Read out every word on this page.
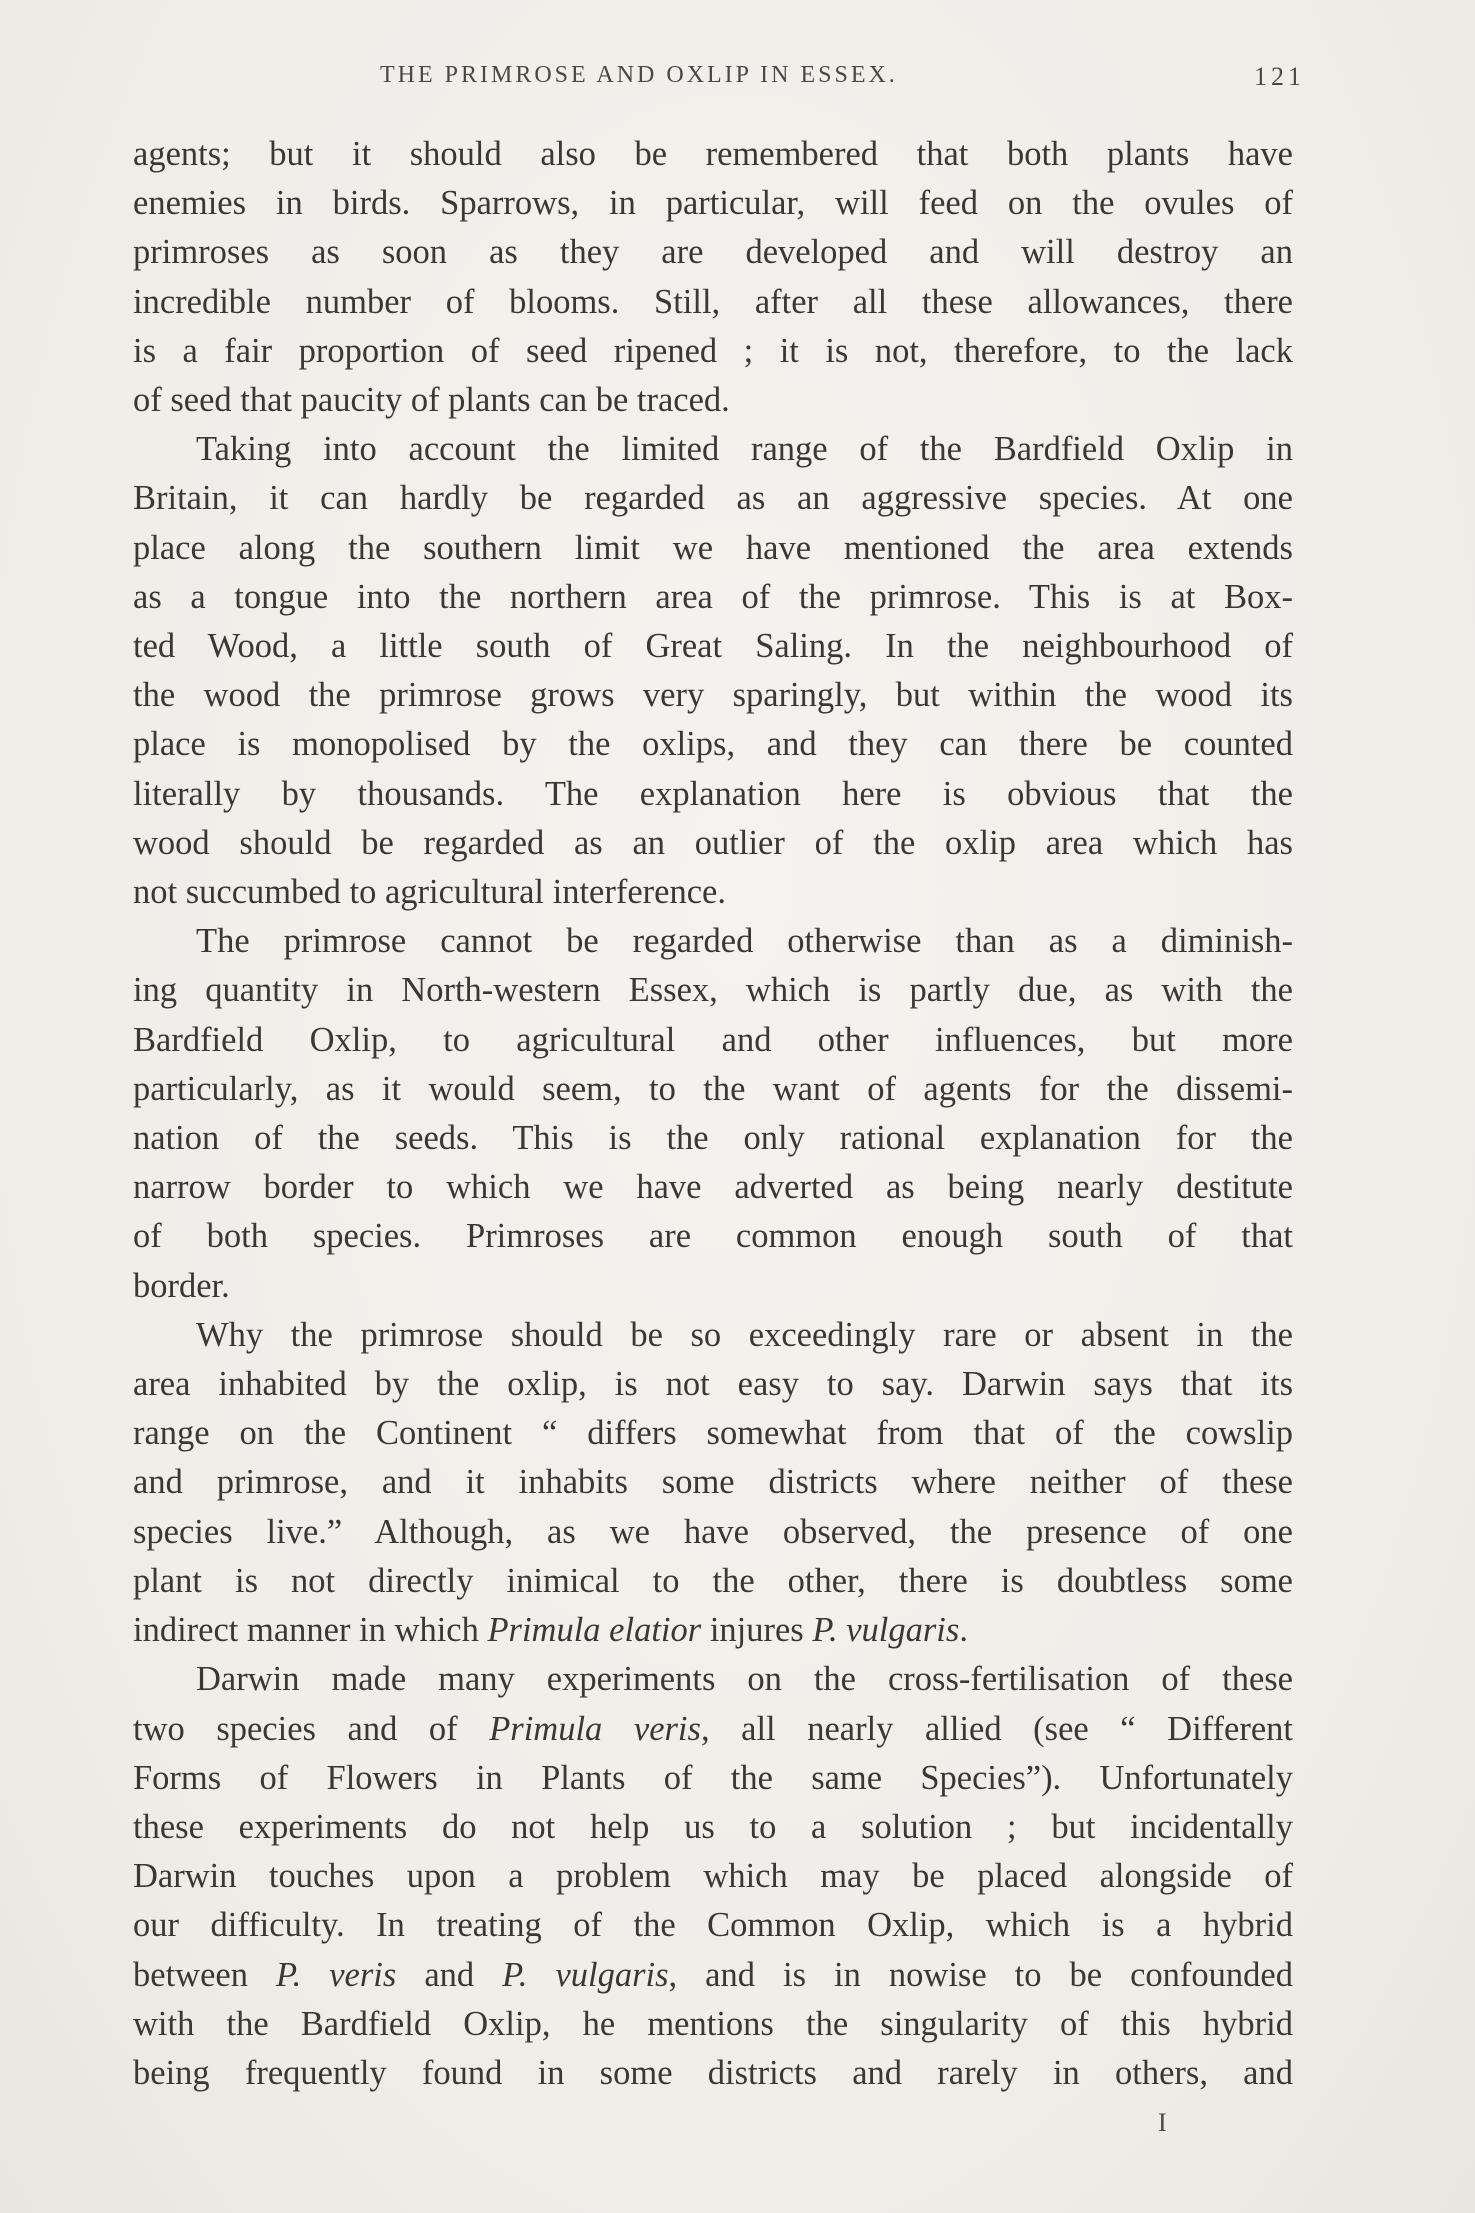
THE PRIMROSE AND OXLIP IN ESSEX.	121

agents; but it should also be remembered that both plants have
enemies in birds. Sparrows, in particular, will feed on the ovules of
primroses as soon as they are developed and will destroy an
incredible number of blooms. Still, after all these allowances, there
is a fair proportion of seed ripened ; it is not, therefore, to the lack
of seed that paucity of plants can be traced.

Taking into account the limited range of the Bardfield Oxlip in
Britain, it can hardly be regarded as an aggressive species. At one
place along the southern limit we have mentioned the area extends
as a tongue into the northern area of the primrose. This is at Box-
ted Wood, a little south of Great Saling. In the neighbourhood of
the wood the primrose grows very sparingly, but within the wood its
place is monopolised by the oxlips, and they can there be counted
literally by thousands. The explanation here is obvious that the
wood should be regarded as an outlier of the oxlip area which has
not succumbed to agricultural interference.

The primrose cannot be regarded otherwise than as a diminish-
ing quantity in North-western Essex, which is partly due, as with the
Bardfield Oxlip, to agricultural and other influences, but more
particularly, as it would seem, to the want of agents for the dissemi-
nation of the seeds. This is the only rational explanation for the
narrow border to which we have adverted as being nearly destitute
of both species. Primroses are common enough south of that
border.

Why the primrose should be so exceedingly rare or absent in the
area inhabited by the oxlip, is not easy to say. Darwin says that its
range on the Continent “ differs somewhat from that of the cowslip
and primrose, and it inhabits some districts where neither of these
species live.” Although, as we have observed, the presence of one
plant is not directly inimical to the other, there is doubtless some
indirect manner in which Primula elatior injures P. vulgaris.

Darwin made many experiments on the cross-fertilisation of these
two species and of Primula veris, all nearly allied (see “ Different
Forms of Flowers in Plants of the same Species”). Unfortunately
these experiments do not help us to a solution ; but incidentally
Darwin touches upon a problem which may be placed alongside of
our difficulty. In treating of the Common Oxlip, which is a hybrid
between P. veris and P. vulgaris, and is in nowise to be confounded
with the Bardfield Oxlip, he mentions the singularity of this hybrid
being frequently found in some districts and rarely in others, and

I
